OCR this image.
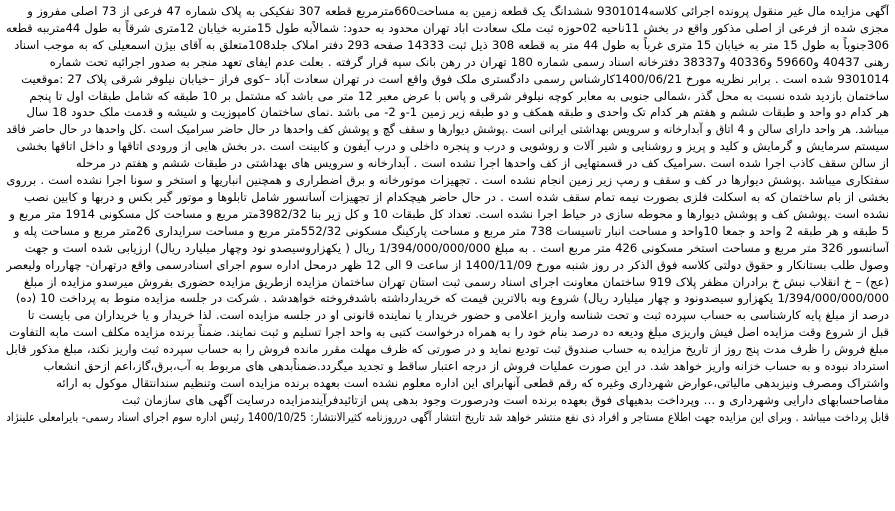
آگهی مزایده مال غیر منقول پرونده اجرائی کلاسه9301014 ششدانگ یک قطعه زمین به مساحت660مترمربع قطعه 307 تفکیکی به پلاک شماره 47 فرعی از 73 اصلی مفروز و
مجزی شده از فرعی از اصلی مذکور واقع در بخش 11ناحیه 02حوزه ثبت ملک سعادت اباد تهران محدود به حدود: شمالاًبه طول 15متربه خیابان 12متری شرقاً به طول 44مترببه قطعه
306جنوباً به طول 15 متر به خیابان 15 متری غرباً به طول 44 متر به قطعه 308 ذیل ثبت 14333 صفحه 293 دفتر املاک جلد108متعلق به آقای بیژن اسمعیلی که به موجب اسناد
رهنی 40437 و59660 و40336 و38337 دفترخانه اسناد رسمی شماره 180 تهران در رهن بانک سپه قرار گرفته . بعلت عدم ایفای تعهد منجر به صدور اجرائیه تحت شماره
9301014 شده است . برابر نظریه مورخ 1400/06/21کارشناس رسمی دادگستری ملک فوق واقع است در تهران سعادت آباد –کوی فراز –خیابان نیلوفر شرقی پلاک 27 :موقعیت
ساختمان بازدید شده نسبت به محل گذر ،شمالی جنوبی به معابر کوچه نیلوفر شرقی و پاس با عرض معبر 12 متر می باشد که مشتمل بر 10 طبقه که شامل طبقات اول تا پنجم
هر کدام دو واحد و طبقات ششم و هفتم هر کدام تک واحدی و طبقه همکف و دو طبقه زیر زمین 1-و 2- می باشد .نمای ساختمان کامپوزیت و شیشه و قدمت ملک حدود 18 سال
میباشد. هر واحد دارای سالن و 4 اتاق و آبدارخانه و سرویس بهداشتی ایرانی است .پوشش دیوارها و سقف گچ و پوشش کف واحدها در حال حاضر سرامیک است .کل واحدها در حال حاضر فاقد
سیستم سرمایش و گرمایش و کلید و پریز و روشنایی و شیر آلات و روشویی و درب و پنجره داخلی و درب آیفون و کابینت است .در بخش هایی از ورودی اتاقها و داخل اتاقها بخشی
از سالن سقف کاذب اجرا شده است .سرامیک کف در قسمتهایی از کف واحدها اجرا نشده است . آبدارخانه و سرویس های بهداشتی در طبقات ششم و هفتم در مرحله
سفتکاری میباشد .پوشش دیوارها در کف و سقف و رمپ زیر زمین انجام نشده است . تجهیزات موتورخانه و برق اضطراری و همچنین انباریها و استخر و سونا اجرا نشده است . برروی
بخشی از بام ساختمان که به اسکلت فلزی بصورت نیمه تمام سقف شده است . در حال حاضر هیچکدام از تجهیزات آسانسور شامل تابلوها و موتور گیر بکس و دربها و کابین نصب
نشده است .پوشش کف و پوشش دیوارها و محوطه سازی در حیاط اجرا نشده است. تعداد کل طبقات 10 و کل زیر بنا 3982/32متر مربع و مساحت کل مسکونی 1914 متر مربع و
5 طبقه و هر طبقه 2 واحد و جمعا 10واحد و مساحت انبار تاسیسات 738 متر مربع و مساحت پارکینگ مسکونی 552/32متر مربع و مساحت سرایداری 26متر مربع و مساحت پله و
آسانسور 326 متر مربع و مساحت استخر مسکونی 426 متر مربع است . به مبلغ 1/394/000/000/000 ریال ( یکهزاروسیصدو نود وچهار میلیارد ریال) ارزیابی شده است و جهت
وصول طلب بستانکار و حقوق دولتی کلاسه فوق الذکر در روز شنبه مورخ 1400/11/09 از ساعت 9 الی 12 ظهر درمحل اداره سوم اجرای اسنادرسمی واقع درتهران- چهارراه ولیعصر
(عج) – خ انقلاب نبش خ برادران مظفر پلاک 919 ساختمان معاونت اجرای اسناد رسمی ثبت استان تهران ساختمان مزایده ازطریق مزایده حضوری بفروش میرسدو مزایده از مبلغ
1/394/000/000/000 یکهزارو سیصدونود و چهار میلیارد ریال) شروع وبه بالاترین قیمت که خریدارداشته باشدفروخته خواهدشد . شرکت در جلسه مزایده منوط به پرداخت 10 (ده)
درصد از مبلغ پایه کارشناسی به حساب سپرده ثبت و تحت شناسه واریز اعلامی و حضور خریدار یا نماینده قانونی او در جلسه مزایده است. لذا خریدار و یا خریداران می بایست تا
قبل از شروع وقت مزایده اصل فیش واریزی مبلغ ودیعه ده درصد بنام خود را به همراه درخواست کتبی به واحد اجرا تسلیم و ثبت نمایند. ضمناً برنده مزایده مکلف است مابه التفاوت
مبلغ فروش را ظرف مدت پنج روز از تاریخ مزایده به حساب صندوق ثبت تودیع نماید و در صورتی که ظرف مهلت مقرر مانده فروش را به حساب سپرده ثبت واریز نکند، مبلغ مذکور قابل
استرداد نبوده و به حساب خزانه واریز خواهد شد. در این صورت عملیات فروش از درجه اعتبار ساقط و تجدید میگردد.ضمناًبدهی های مربوط به آب،برق،گاز،اعم ازحق انشعاب
واشتراک ومصرف ونیزبدهی مالیاتی،عوارض شهرداری وغیره که رقم قطعی آنهابرای این اداره معلوم نشده است بعهده برنده مزایده است وتنظیم سندانتقال موکول به ارائه
مفاصاحسابهای دارایی وشهرداری و … وپرداخت بدهیهای فوق بعهده برنده است ودرصورت وجود بدهی پس ازتائیدفرآیندمزایده درسایت آگهی های سازمان ثبت
قابل پرداخت میباشد . وبرای این مزایده جهت اطلاع مستاجر و افراد ذی نفع منتشر خواهد شد تاریخ انتشار آگهی درروزنامه کثیرالانتشار: 1400/10/25 رئیس اداره سوم اجرای اسناد رسمی- بایرامعلی علینژاد
